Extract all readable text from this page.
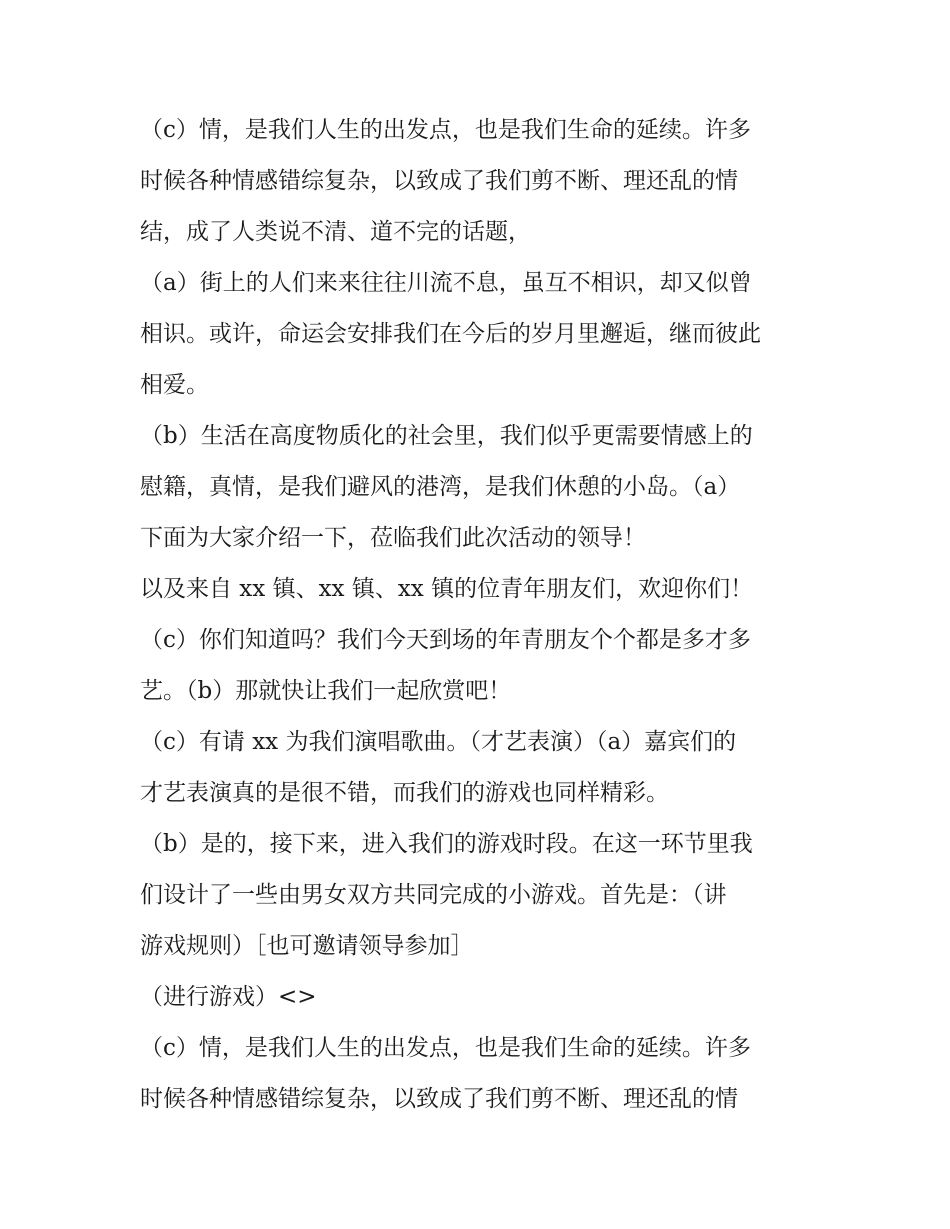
（c）情，是我们人生的出发点，也是我们生命的延续。许多
时候各种情感错综复杂，以致成了我们剪不断、理还乱的情
结，成了人类说不清、道不完的话题，
（a）街上的人们来来往往川流不息，虽互不相识，却又似曾
相识。或许，命运会安排我们在今后的岁月里邂逅，继而彼此
相爱。
（b）生活在高度物质化的社会里，我们似乎更需要情感上的
慰籍，真情，是我们避风的港湾，是我们休憩的小岛。（a）
下面为大家介绍一下，莅临我们此次活动的领导！
以及来自 xx 镇、xx 镇、xx 镇的位青年朋友们，欢迎你们！
（c）你们知道吗？我们今天到场的年青朋友个个都是多才多
艺。（b）那就快让我们一起欣赏吧！
（c）有请 xx 为我们演唱歌曲。（才艺表演）（a）嘉宾们的
才艺表演真的是很不错，而我们的游戏也同样精彩。
（b）是的，接下来，进入我们的游戏时段。在这一环节里我
们设计了一些由男女双方共同完成的小游戏。首先是：（讲
游戏规则）［也可邀请领导参加］
（进行游戏）<>
（c）情，是我们人生的出发点，也是我们生命的延续。许多
时候各种情感错综复杂，以致成了我们剪不断、理还乱的情
